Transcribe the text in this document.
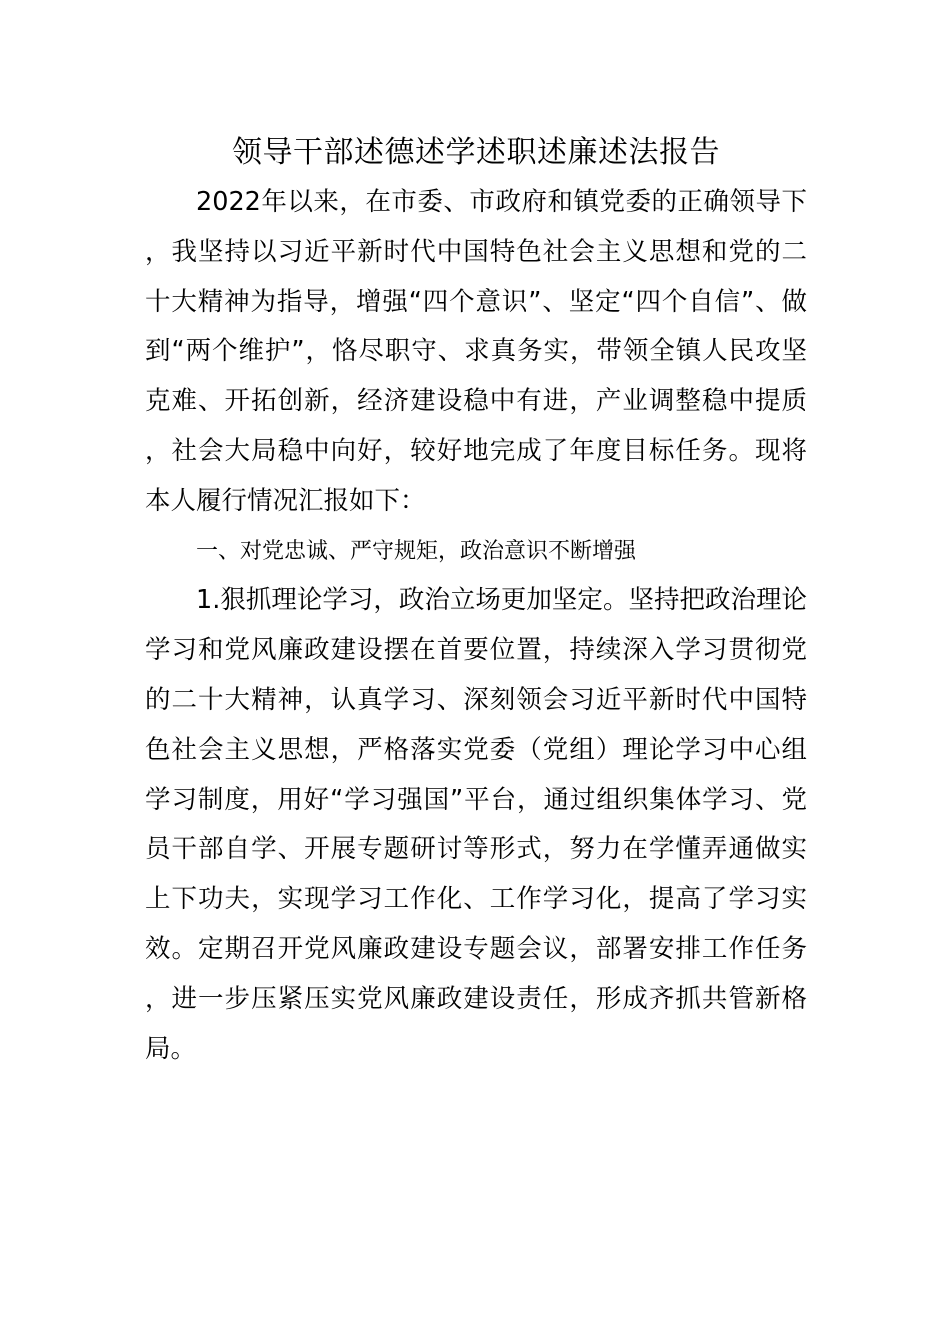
领导干部述德述学述职述廉述法报告

2022年以来，在市委、市政府和镇党委的正确领导下，我坚持以习近平新时代中国特色社会主义思想和党的二十大精神为指导，增强“四个意识”、坚定“四个自信”、做到“两个维护”，恪尽职守、求真务实，带领全镇人民攻坚克难、开拓创新，经济建设稳中有进，产业调整稳中提质，社会大局稳中向好，较好地完成了年度目标任务。现将本人履行情况汇报如下：

一、对党忠诚、严守规矩，政治意识不断增强

1.狠抓理论学习，政治立场更加坚定。坚持把政治理论学习和党风廉政建设摆在首要位置，持续深入学习贯彻党的二十大精神，认真学习、深刻领会习近平新时代中国特色社会主义思想，严格落实党委（党组）理论学习中心组学习制度，用好“学习强国”平台，通过组织集体学习、党员干部自学、开展专题研讨等形式，努力在学懂弄通做实上下功夫，实现学习工作化、工作学习化，提高了学习实效。定期召开党风廉政建设专题会议，部署安排工作任务，进一步压紧压实党风廉政建设责任，形成齐抓共管新格局。
